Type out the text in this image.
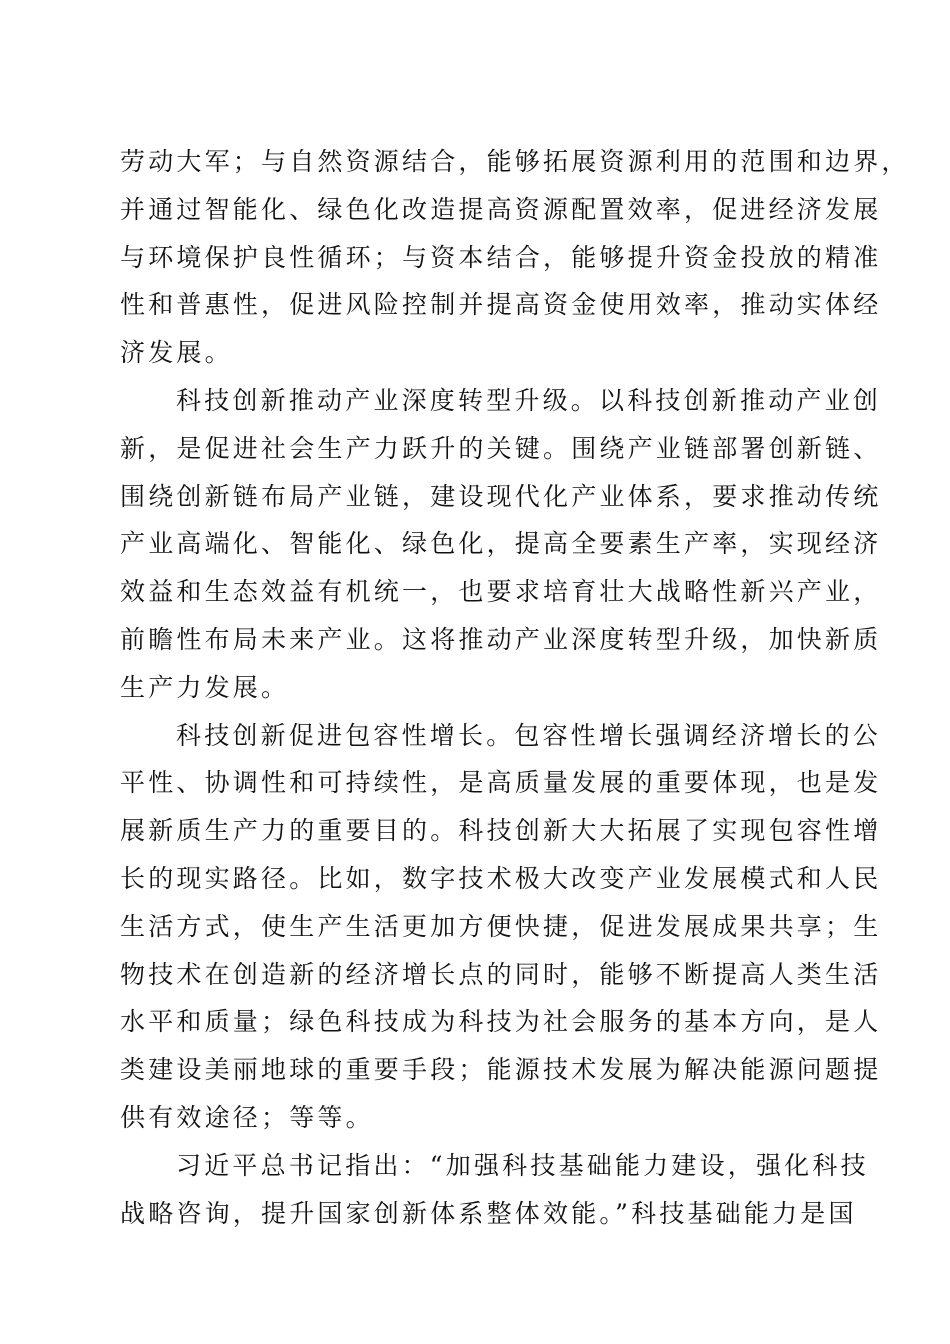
劳动大军；与自然资源结合，能够拓展资源利用的范围和边界，
并通过智能化、绿色化改造提高资源配置效率，促进经济发展
与环境保护良性循环；与资本结合，能够提升资金投放的精准
性和普惠性，促进风险控制并提高资金使用效率，推动实体经
济发展。
科技创新推动产业深度转型升级。以科技创新推动产业创
新，是促进社会生产力跃升的关键。围绕产业链部署创新链、
围绕创新链布局产业链，建设现代化产业体系，要求推动传统
产业高端化、智能化、绿色化，提高全要素生产率，实现经济
效益和生态效益有机统一，也要求培育壮大战略性新兴产业，
前瞻性布局未来产业。这将推动产业深度转型升级，加快新质
生产力发展。
科技创新促进包容性增长。包容性增长强调经济增长的公
平性、协调性和可持续性，是高质量发展的重要体现，也是发
展新质生产力的重要目的。科技创新大大拓展了实现包容性增
长的现实路径。比如，数字技术极大改变产业发展模式和人民
生活方式，使生产生活更加方便快捷，促进发展成果共享；生
物技术在创造新的经济增长点的同时，能够不断提高人类生活
水平和质量；绿色科技成为科技为社会服务的基本方向，是人
类建设美丽地球的重要手段；能源技术发展为解决能源问题提
供有效途径；等等。
习近平总书记指出：“加强科技基础能力建设，强化科技
战略咨询，提升国家创新体系整体效能。”科技基础能力是国
